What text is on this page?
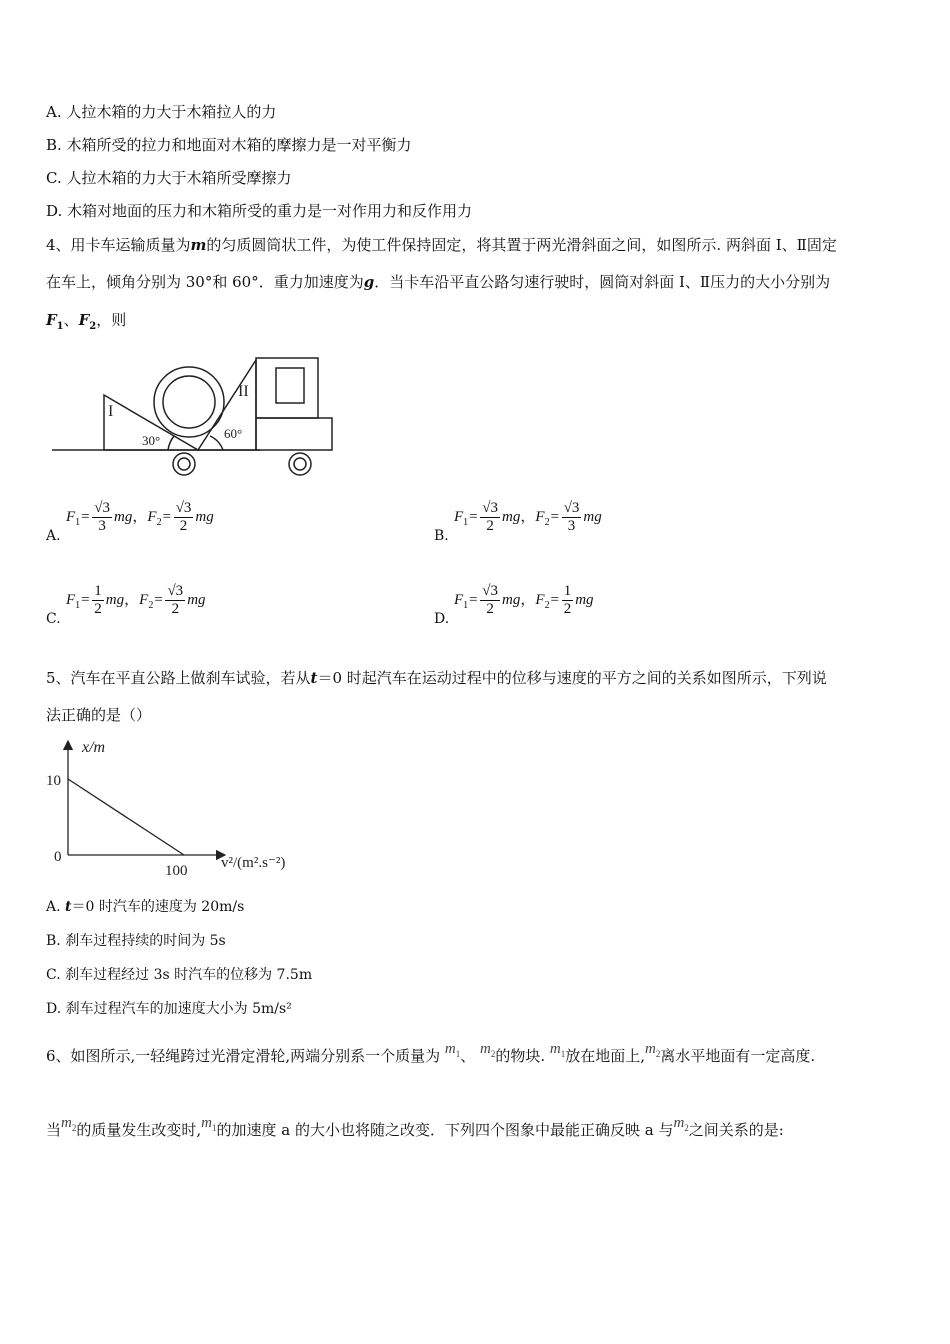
A. 人拉木箱的力大于木箱拉人的力
B. 木箱所受的拉力和地面对木箱的摩擦力是一对平衡力
C. 人拉木箱的力大于木箱所受摩擦力
D. 木箱对地面的压力和木箱所受的重力是一对作用力和反作用力
4、用卡车运输质量为m的匀质圆筒状工件，为使工件保持固定，将其置于两光滑斜面之间，如图所示. 两斜面 I、Ⅱ固定
在车上，倾角分别为 30°和 60°．重力加速度为g．当卡车沿平直公路匀速行驶时，圆筒对斜面 I、Ⅱ压力的大小分别为
$F_1$、$F_2$，则
I
II
30°	60°
A.
$F_1= \frac{√3}{3}$ mg，$F_2= \frac{√3}{2}$ mg
B.
$F_1= \frac{√3}{2}$ mg，$F_2= \frac{√3}{3}$ mg
C.
$F_1= \frac{1}{2}$ mg，$F_2= \frac{√3}{2}$ mg
D.
$F_1= \frac{√3}{2}$ mg，$F_2= \frac{1}{2}$ mg
5、汽车在平直公路上做刹车试验，若从t＝0 时起汽车在运动过程中的位移与速度的平方之间的关系如图所示，下列说
法正确的是（）
x/m
10
0
100 v²/(m².s⁻²)
A. t＝0 时汽车的速度为 20m/s
B. 刹车过程持续的时间为 5s
C. 刹车过程经过 3s 时汽车的位移为 7.5m
D. 刹车过程汽车的加速度大小为 5m/s²
6、如图所示,一轻绳跨过光滑定滑轮,两端分别系一个质量为 $m_1$、 $m_2$的物块. $m_1$放在地面上$,m_2$离水平地面有一定高度.
当$m_2$的质量发生改变时$,m_1$的加速度 a 的大小也将随之改变．下列四个图象中最能正确反映 a 与$m_2$之间关系的是:
